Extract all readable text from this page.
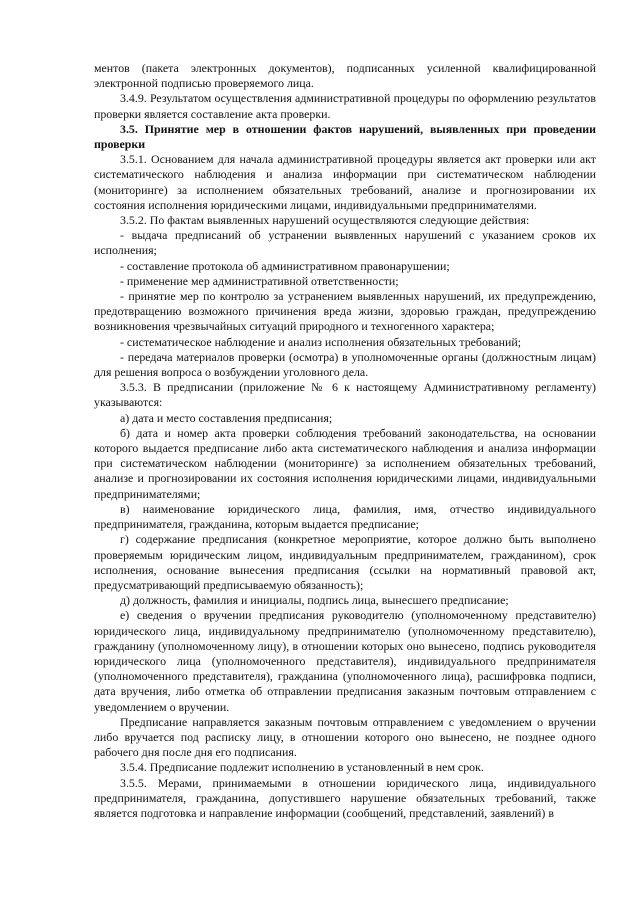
ментов (пакета электронных документов), подписанных усиленной квалифицированной электронной подписью проверяемого лица.

3.4.9. Результатом осуществления административной процедуры по оформлению результатов проверки является составление акта проверки.

3.5. Принятие мер в отношении фактов нарушений, выявленных при проведении проверки

3.5.1. Основанием для начала административной процедуры является акт проверки или акт систематического наблюдения и анализа информации при систематическом наблюдении (мониторинге) за исполнением обязательных требований, анализе и прогнозировании их состояния исполнения юридическими лицами, индивидуальными предпринимателями.

3.5.2. По фактам выявленных нарушений осуществляются следующие действия:

- выдача предписаний об устранении выявленных нарушений с указанием сроков их исполнения;

- составление протокола об административном правонарушении;

- применение мер административной ответственности;

- принятие мер по контролю за устранением выявленных нарушений, их предупреждению, предотвращению возможного причинения вреда жизни, здоровью граждан, предупреждению возникновения чрезвычайных ситуаций природного и техногенного характера;

- систематическое наблюдение и анализ исполнения обязательных требований;

- передача материалов проверки (осмотра) в уполномоченные органы (должностным лицам) для решения вопроса о возбуждении уголовного дела.

3.5.3. В предписании (приложение № 6 к настоящему Административному регламенту) указываются:

а) дата и место составления предписания;

б) дата и номер акта проверки соблюдения требований законодательства, на основании которого выдается предписание либо акта систематического наблюдения и анализа информации при систематическом наблюдении (мониторинге) за исполнением обязательных требований, анализе и прогнозировании их состояния исполнения юридическими лицами, индивидуальными предпринимателями;

в) наименование юридического лица, фамилия, имя, отчество индивидуального предпринимателя, гражданина, которым выдается предписание;

г) содержание предписания (конкретное мероприятие, которое должно быть выполнено проверяемым юридическим лицом, индивидуальным предпринимателем, гражданином), срок исполнения, основание вынесения предписания (ссылки на нормативный правовой акт, предусматривающий предписываемую обязанность);

д) должность, фамилия и инициалы, подпись лица, вынесшего предписание;

е) сведения о вручении предписания руководителю (уполномоченному представителю) юридического лица, индивидуальному предпринимателю (уполномоченному представителю), гражданину (уполномоченному лицу), в отношении которых оно вынесено, подпись руководителя юридического лица (уполномоченного представителя), индивидуального предпринимателя (уполномоченного представителя), гражданина (уполномоченного лица), расшифровка подписи, дата вручения, либо отметка об отправлении предписания заказным почтовым отправлением с уведомлением о вручении.

Предписание направляется заказным почтовым отправлением с уведомлением о вручении либо вручается под расписку лицу, в отношении которого оно вынесено, не позднее одного рабочего дня после дня его подписания.

3.5.4. Предписание подлежит исполнению в установленный в нем срок.

3.5.5. Мерами, принимаемыми в отношении юридического лица, индивидуального предпринимателя, гражданина, допустившего нарушение обязательных требований, также является подготовка и направление информации (сообщений, представлений, заявлений) в
